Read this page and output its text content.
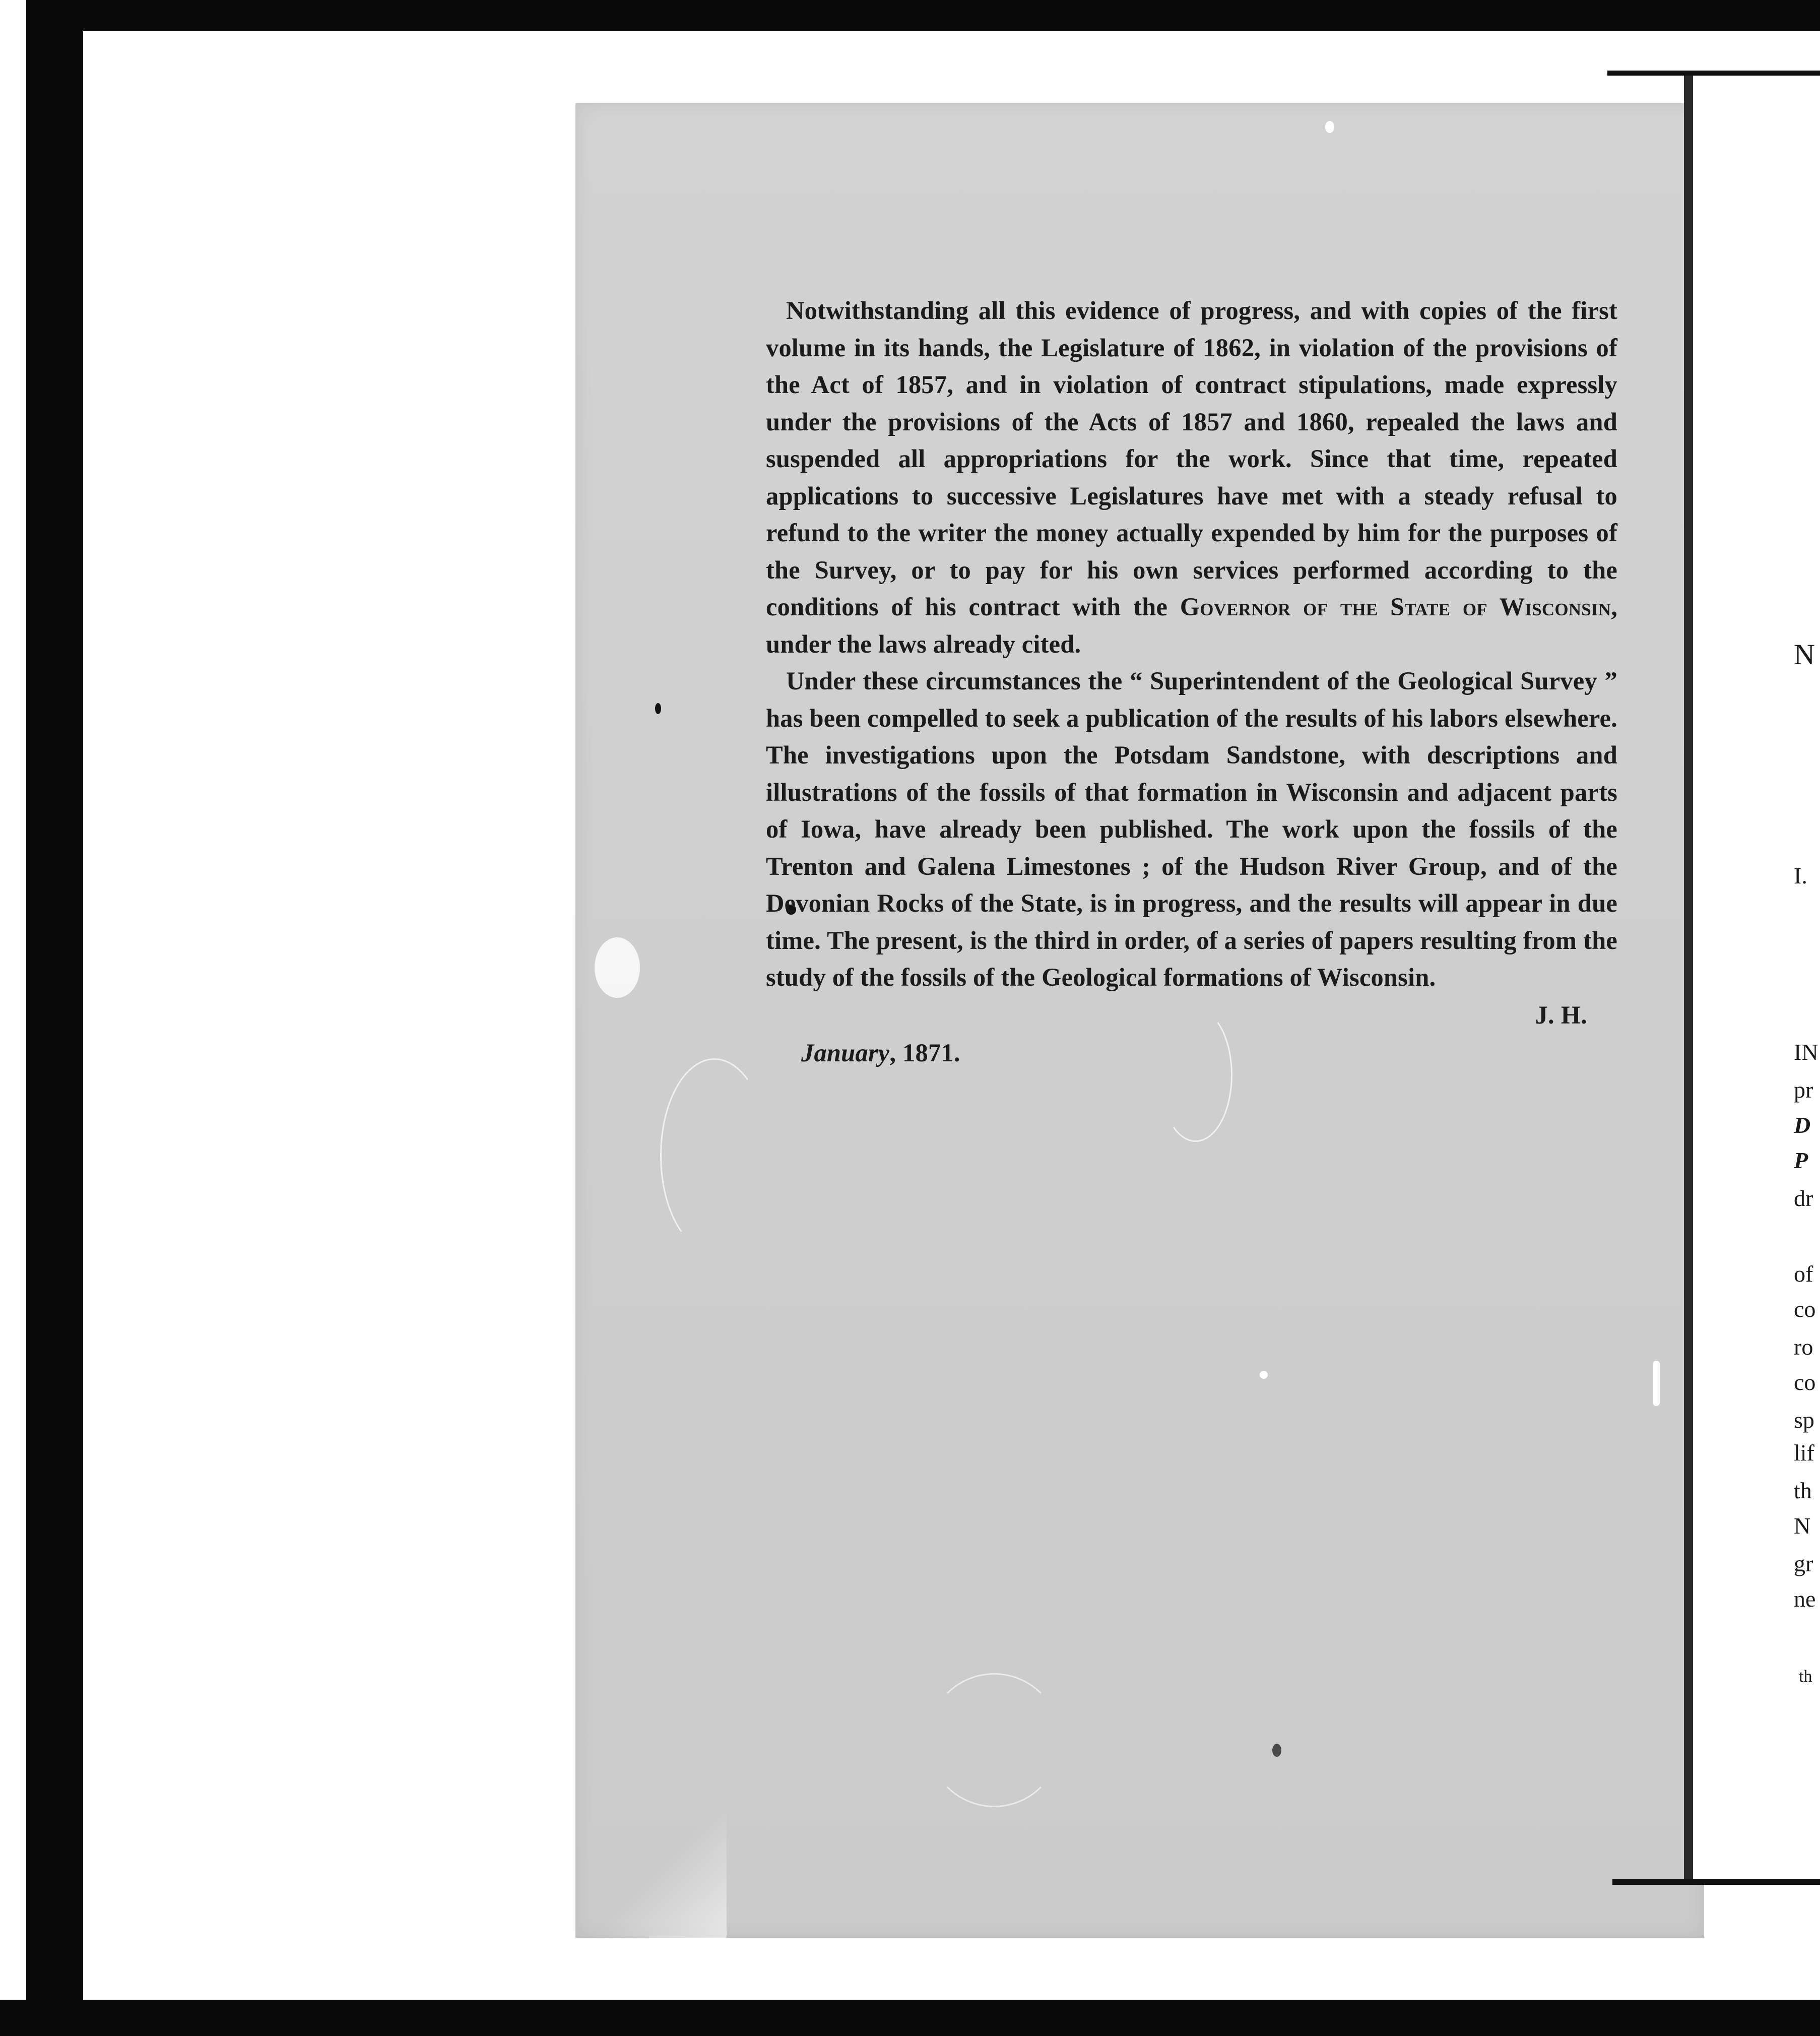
N
I.
IN
pr
D
P
dr
of
co
ro
co
sp
lif
th
N
gr
ne
th

Notwithstanding all this evidence of progress, and with copies of the first volume in its hands, the Legislature of 1862, in violation of the provisions of the Act of 1857, and in violation of contract stipulations, made expressly under the provisions of the Acts of 1857 and 1860, repealed the laws and suspended all appropriations for the work. Since that time, repeated applications to successive Legislatures have met with a steady refusal to refund to the writer the money actually expended by him for the purposes of the Survey, or to pay for his own services performed according to the conditions of his contract with the Governor of the State of Wisconsin, under the laws already cited.

Under these circumstances the “ Superintendent of the Geological Survey ” has been compelled to seek a publication of the results of his labors elsewhere. The investigations upon the Potsdam Sandstone, with descriptions and illustrations of the fossils of that formation in Wisconsin and adjacent parts of Iowa, have already been published. The work upon the fossils of the Trenton and Galena Limestones ; of the Hudson River Group, and of the Devonian Rocks of the State, is in progress, and the results will appear in due time. The present, is the third in order, of a series of papers resulting from the study of the fossils of the Geological formations of Wisconsin.

J. H.

January, 1871.
